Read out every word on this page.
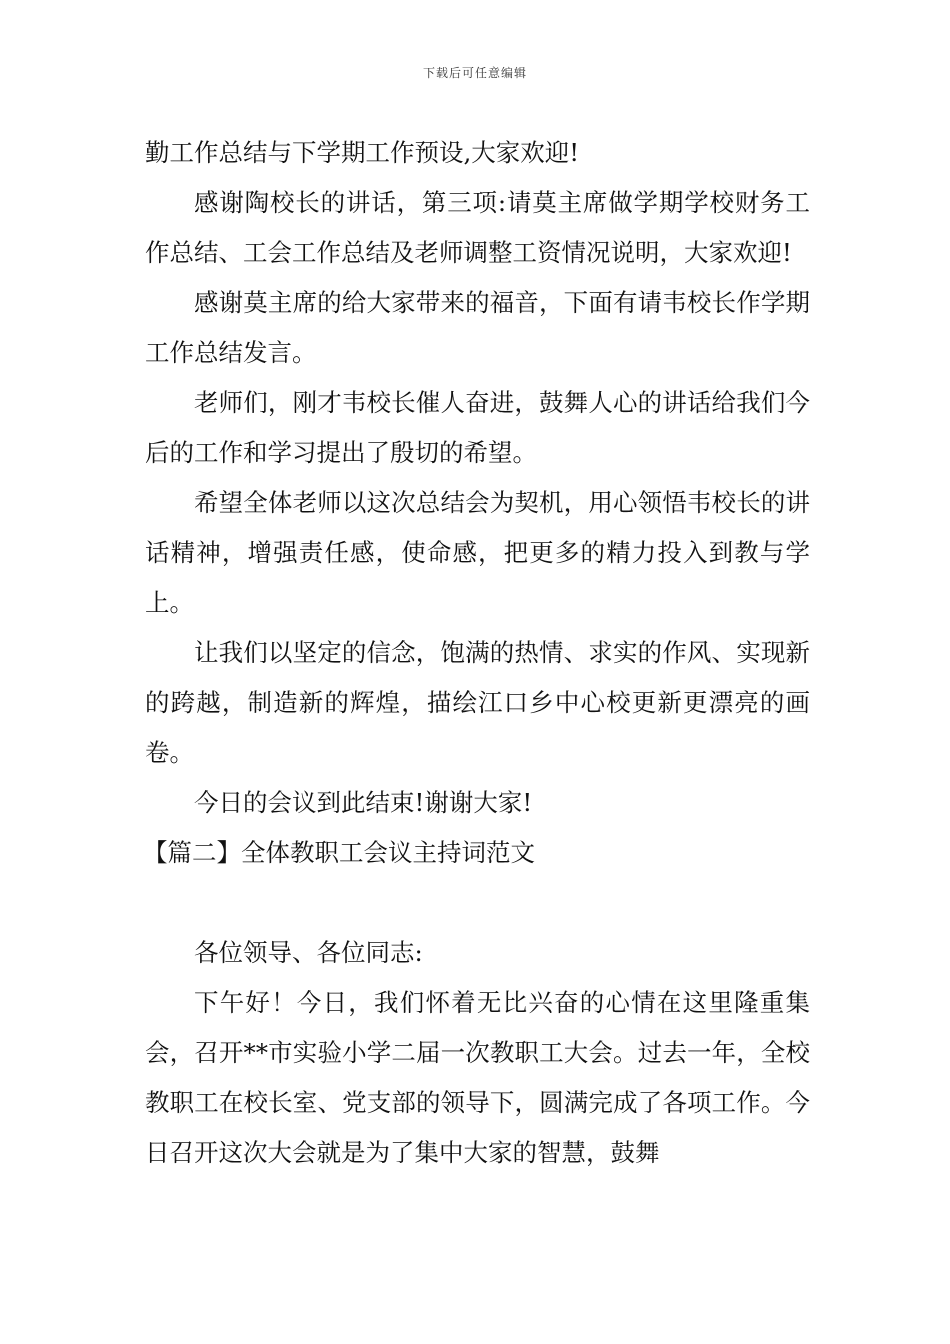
下载后可任意编辑

勤工作总结与下学期工作预设,大家欢迎!

感谢陶校长的讲话，第三项:请莫主席做学期学校财务工作总结、工会工作总结及老师调整工资情况说明，大家欢迎!

感谢莫主席的给大家带来的福音，下面有请韦校长作学期工作总结发言。

老师们，刚才韦校长催人奋进，鼓舞人心的讲话给我们今后的工作和学习提出了殷切的希望。

希望全体老师以这次总结会为契机，用心领悟韦校长的讲话精神，增强责任感，使命感，把更多的精力投入到教与学上。

让我们以坚定的信念，饱满的热情、求实的作风、实现新的跨越，制造新的辉煌，描绘江口乡中心校更新更漂亮的画卷。

今日的会议到此结束!谢谢大家!

【篇二】全体教职工会议主持词范文

各位领导、各位同志:

下午好！今日，我们怀着无比兴奋的心情在这里隆重集会，召开**市实验小学二届一次教职工大会。过去一年，全校教职工在校长室、党支部的领导下，圆满完成了各项工作。今日召开这次大会就是为了集中大家的智慧，鼓舞
